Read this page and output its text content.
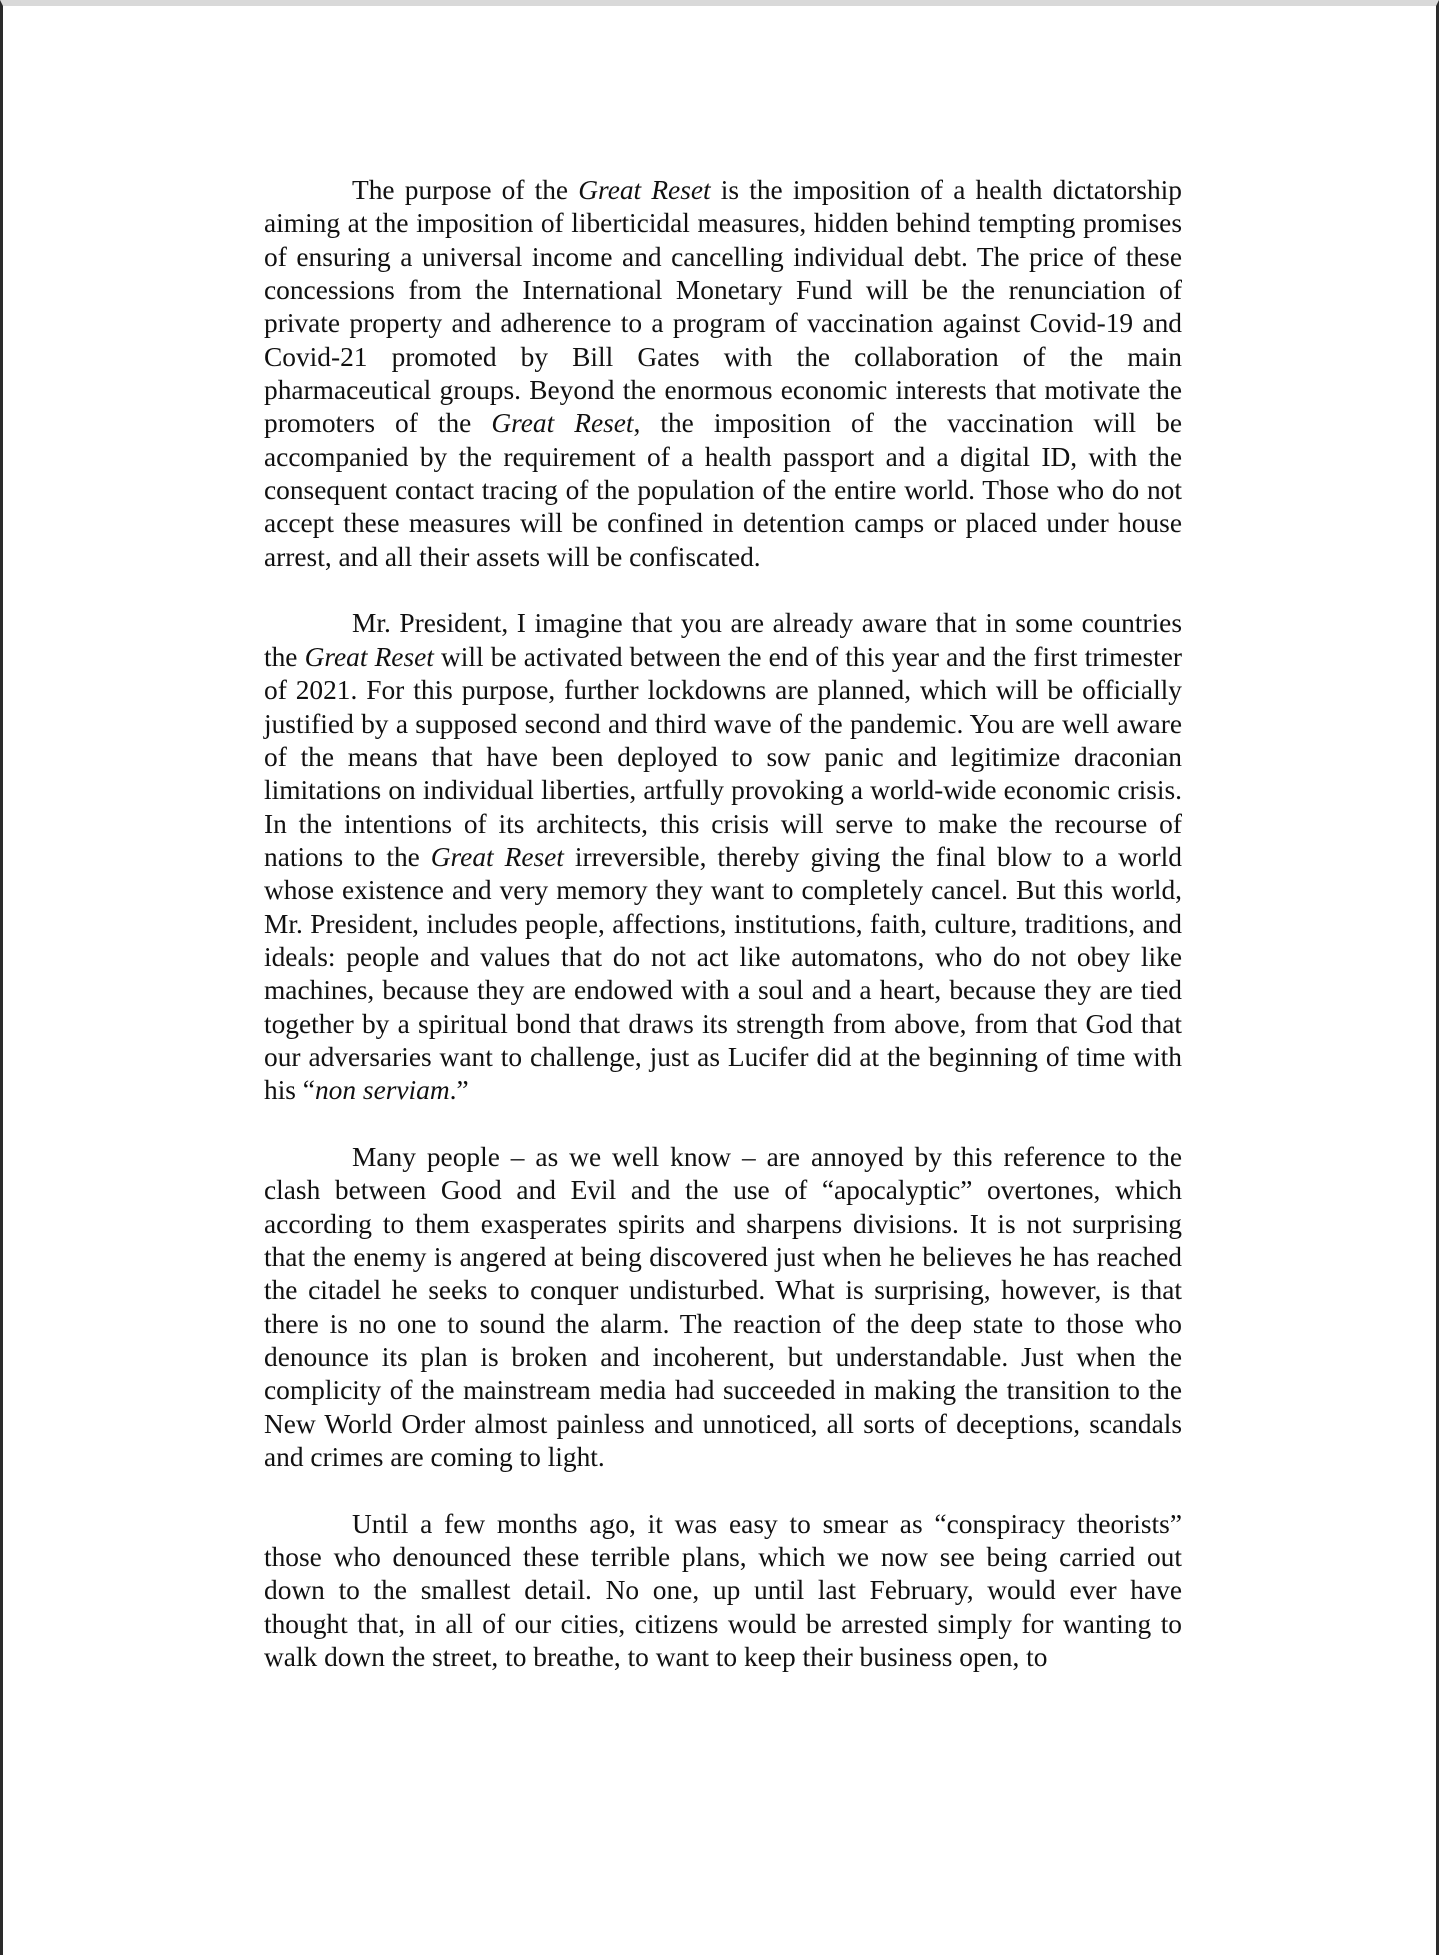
The purpose of the Great Reset is the imposition of a health dictatorship aiming at the imposition of liberticidal measures, hidden behind tempting promises of ensuring a universal income and cancelling individual debt. The price of these concessions from the International Monetary Fund will be the renunciation of private property and adherence to a program of vaccination against Covid-19 and Covid-21 promoted by Bill Gates with the collaboration of the main pharmaceutical groups. Beyond the enormous economic interests that motivate the promoters of the Great Reset, the imposition of the vaccination will be accompanied by the requirement of a health passport and a digital ID, with the consequent contact tracing of the population of the entire world. Those who do not accept these measures will be confined in detention camps or placed under house arrest, and all their assets will be confiscated.

Mr. President, I imagine that you are already aware that in some countries the Great Reset will be activated between the end of this year and the first trimester of 2021. For this purpose, further lockdowns are planned, which will be officially justified by a supposed second and third wave of the pandemic. You are well aware of the means that have been deployed to sow panic and legitimize draconian limitations on individual liberties, artfully provoking a world-wide economic crisis. In the intentions of its architects, this crisis will serve to make the recourse of nations to the Great Reset irreversible, thereby giving the final blow to a world whose existence and very memory they want to completely cancel. But this world, Mr. President, includes people, affections, institutions, faith, culture, traditions, and ideals: people and values that do not act like automatons, who do not obey like machines, because they are endowed with a soul and a heart, because they are tied together by a spiritual bond that draws its strength from above, from that God that our adversaries want to challenge, just as Lucifer did at the beginning of time with his “non serviam.”

Many people – as we well know – are annoyed by this reference to the clash between Good and Evil and the use of “apocalyptic” overtones, which according to them exasperates spirits and sharpens divisions. It is not surprising that the enemy is angered at being discovered just when he believes he has reached the citadel he seeks to conquer undisturbed. What is surprising, however, is that there is no one to sound the alarm. The reaction of the deep state to those who denounce its plan is broken and incoherent, but understandable. Just when the complicity of the mainstream media had succeeded in making the transition to the New World Order almost painless and unnoticed, all sorts of deceptions, scandals and crimes are coming to light.

Until a few months ago, it was easy to smear as “conspiracy theorists” those who denounced these terrible plans, which we now see being carried out down to the smallest detail. No one, up until last February, would ever have thought that, in all of our cities, citizens would be arrested simply for wanting to walk down the street, to breathe, to want to keep their business open, to
